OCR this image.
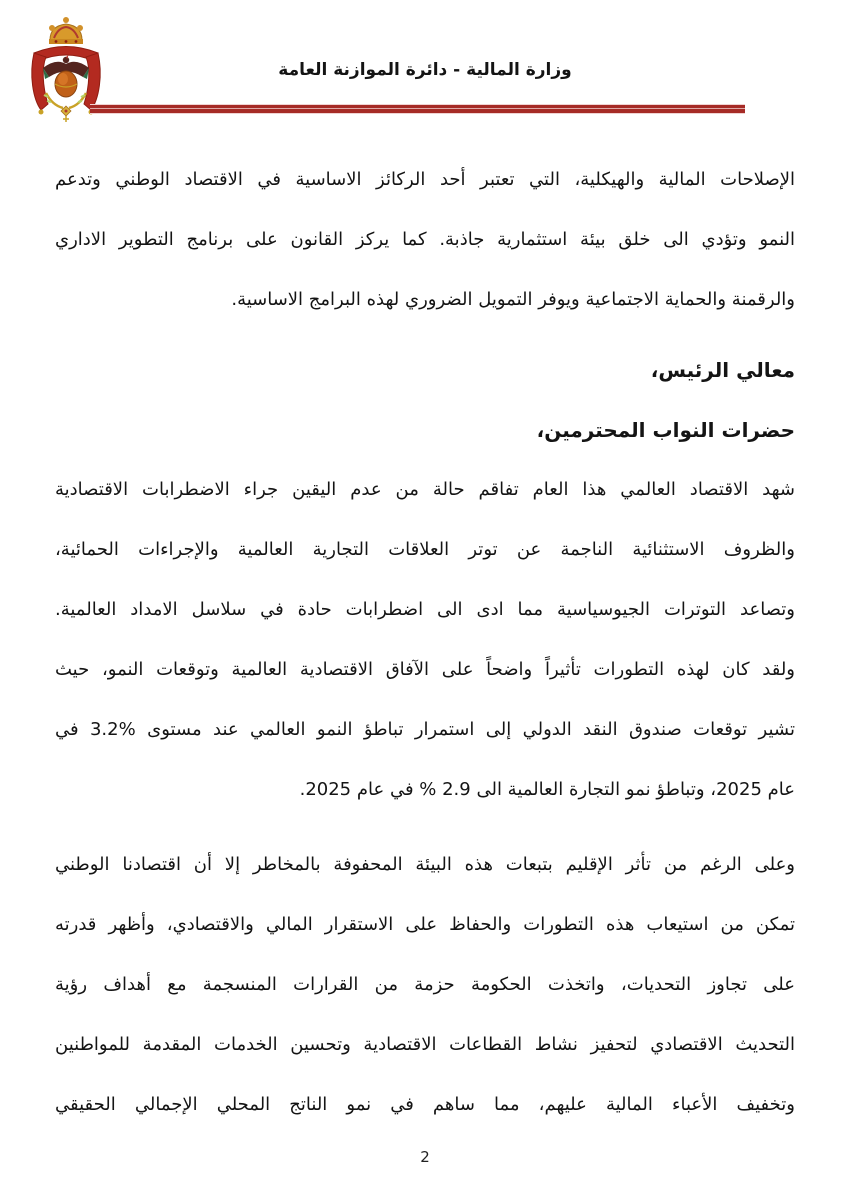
وزارة المالية - دائرة الموازنة العامة
الإصلاحات المالية والهيكلية، التي تعتبر أحد الركائز الاساسية في الاقتصاد الوطني وتدعم
النمو وتؤدي الى خلق بيئة استثمارية جاذبة. كما يركز القانون على برنامج التطوير الاداري
والرقمنة والحماية الاجتماعية ويوفر التمويل الضروري لهذه البرامج الاساسية.
معالي الرئيس،
حضرات النواب المحترمين،
شهد الاقتصاد العالمي هذا العام تفاقم حالة من عدم اليقين جراء الاضطرابات الاقتصادية
والظروف الاستثنائية الناجمة عن توتر العلاقات التجارية العالمية والإجراءات الحمائية،
وتصاعد التوترات الجيوسياسية مما ادى الى اضطرابات حادة في سلاسل الامداد العالمية.
ولقد كان لهذه التطورات تأثيراً واضحاً على الآفاق الاقتصادية العالمية وتوقعات النمو، حيث
تشير توقعات صندوق النقد الدولي إلى استمرار تباطؤ النمو العالمي عند مستوى %3.2 في
عام 2025، وتباطؤ نمو التجارة العالمية الى 2.9 % في عام 2025.
وعلى الرغم من تأثر الإقليم بتبعات هذه البيئة المحفوفة بالمخاطر إلا أن اقتصادنا الوطني
تمكن من استيعاب هذه التطورات والحفاظ على الاستقرار المالي والاقتصادي، وأظهر قدرته
على تجاوز التحديات، واتخذت الحكومة حزمة من القرارات المنسجمة مع أهداف رؤية
التحديث الاقتصادي لتحفيز نشاط القطاعات الاقتصادية وتحسين الخدمات المقدمة للمواطنين
وتخفيف الأعباء المالية عليهم، مما ساهم في نمو الناتج المحلي الإجمالي الحقيقي
2
